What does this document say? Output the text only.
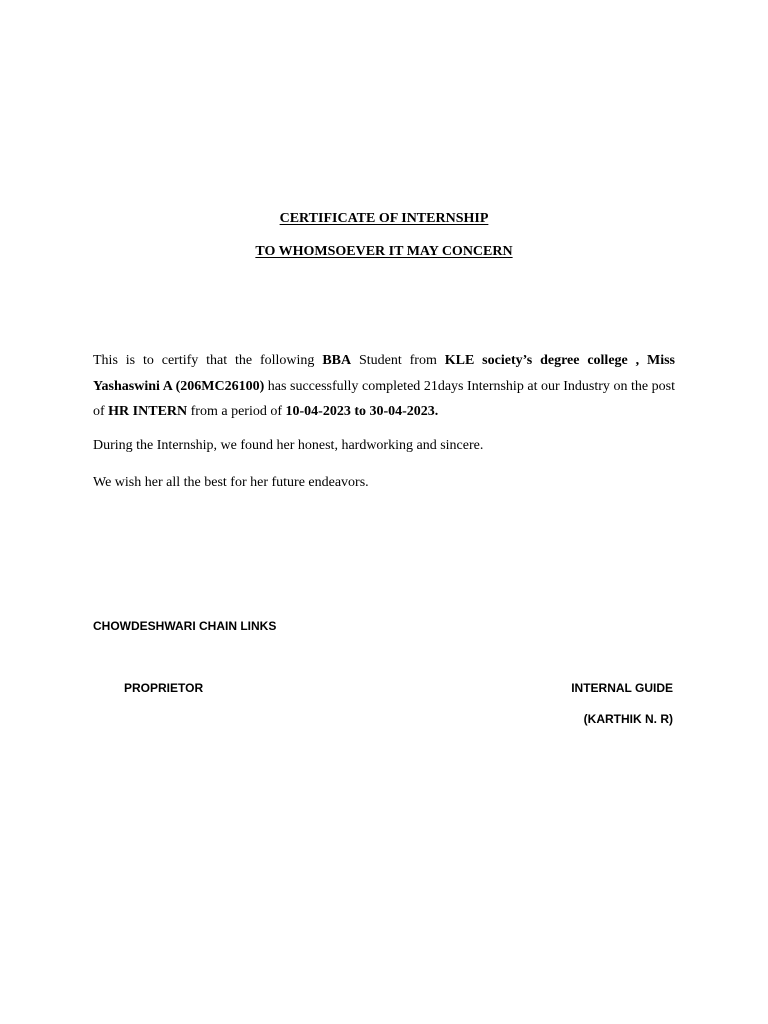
CERTIFICATE OF INTERNSHIP
TO WHOMSOEVER IT MAY CONCERN

This is to certify that the following BBA Student from KLE society’s degree college , Miss Yashaswini A (206MC26100) has successfully completed 21days Internship at our Industry on the post of HR INTERN from a period of 10-04-2023 to 30-04-2023.

During the Internship, we found her honest, hardworking and sincere.

We wish her all the best for her future endeavors.

CHOWDESHWARI CHAIN LINKS
PROPRIETOR	INTERNAL GUIDE
(KARTHIK N. R)
